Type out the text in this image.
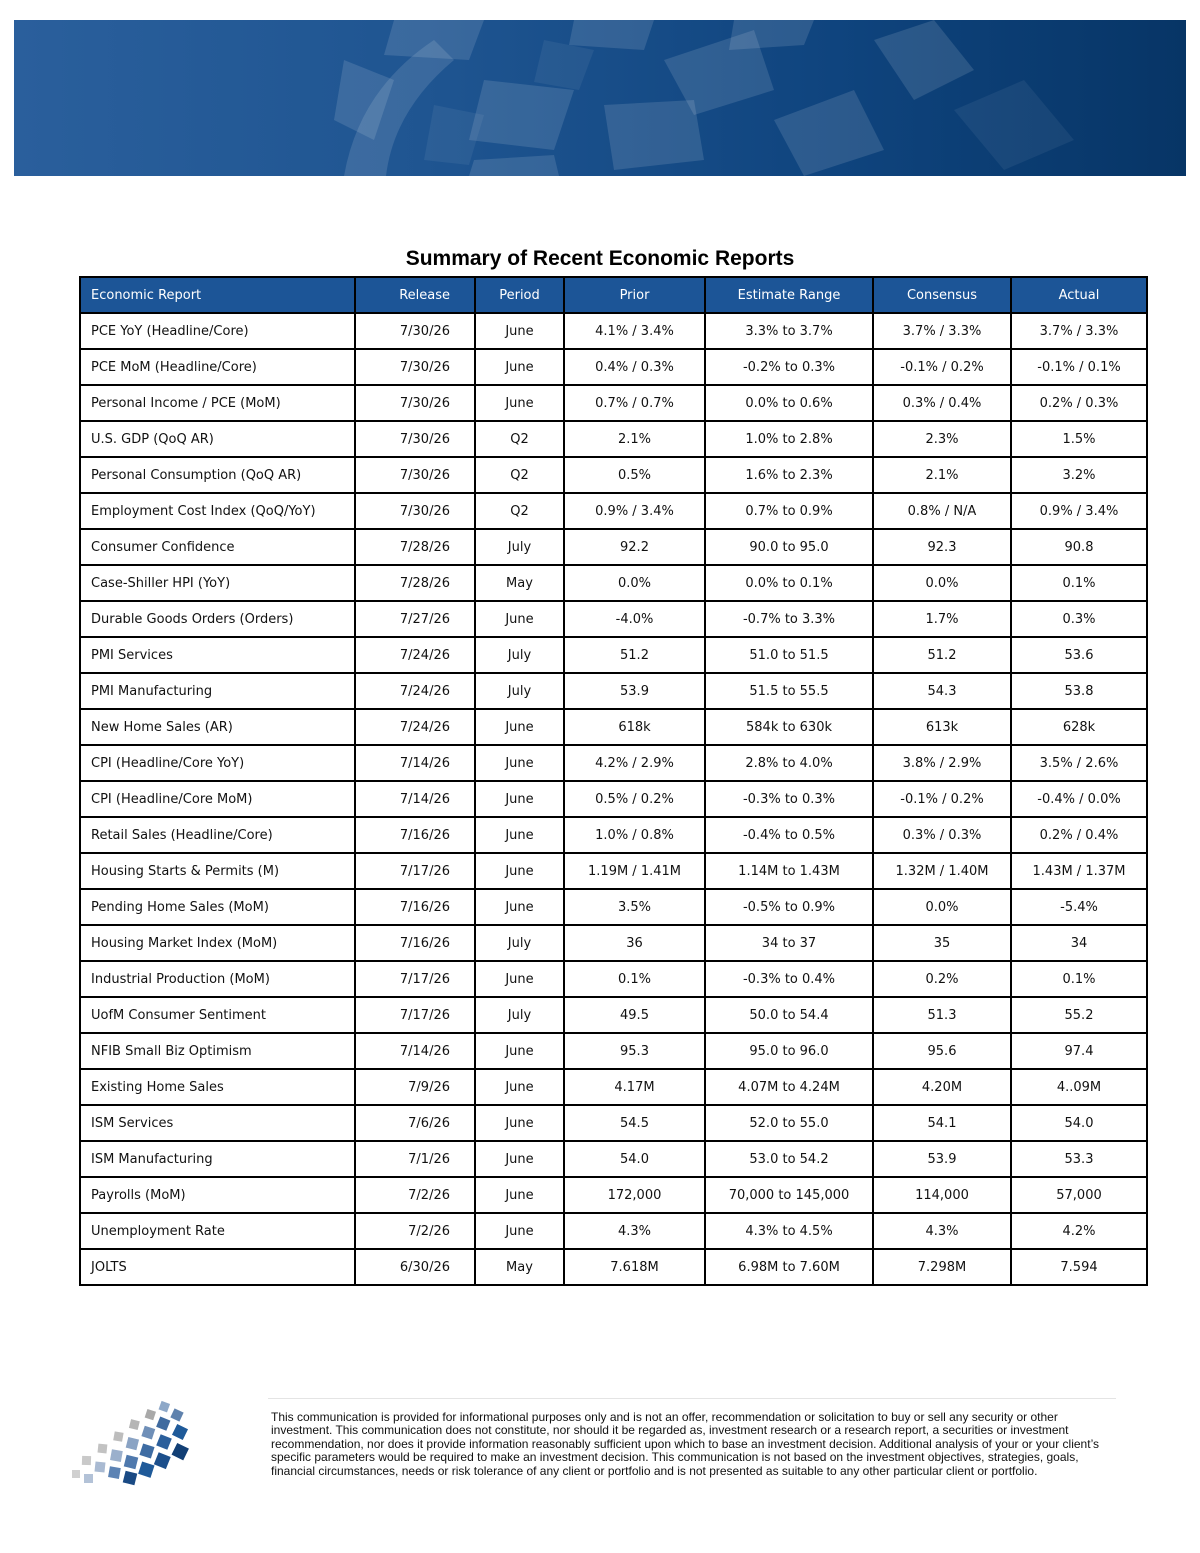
Summary of Recent Economic Reports
Economic Report	Release	Period	Prior	Estimate Range	Consensus	Actual
PCE YoY (Headline/Core)	7/30/26	June	4.1% / 3.4%	3.3% to 3.7%	3.7% / 3.3%	3.7% / 3.3%
PCE MoM (Headline/Core)	7/30/26	June	0.4% / 0.3%	-0.2% to 0.3%	-0.1% / 0.2%	-0.1% / 0.1%
Personal Income / PCE (MoM)	7/30/26	June	0.7% / 0.7%	0.0% to 0.6%	0.3% / 0.4%	0.2% / 0.3%
U.S. GDP (QoQ AR)	7/30/26	Q2	2.1%	1.0% to 2.8%	2.3%	1.5%
Personal Consumption (QoQ AR)	7/30/26	Q2	0.5%	1.6% to 2.3%	2.1%	3.2%
Employment Cost Index (QoQ/YoY)	7/30/26	Q2	0.9% / 3.4%	0.7% to 0.9%	0.8% / N/A	0.9% / 3.4%
Consumer Confidence	7/28/26	July	92.2	90.0 to 95.0	92.3	90.8
Case-Shiller HPI (YoY)	7/28/26	May	0.0%	0.0% to 0.1%	0.0%	0.1%
Durable Goods Orders (Orders)	7/27/26	June	-4.0%	-0.7% to 3.3%	1.7%	0.3%
PMI Services	7/24/26	July	51.2	51.0 to 51.5	51.2	53.6
PMI Manufacturing	7/24/26	July	53.9	51.5 to 55.5	54.3	53.8
New Home Sales (AR)	7/24/26	June	618k	584k to 630k	613k	628k
CPI (Headline/Core YoY)	7/14/26	June	4.2% / 2.9%	2.8% to 4.0%	3.8% / 2.9%	3.5% / 2.6%
CPI (Headline/Core MoM)	7/14/26	June	0.5% / 0.2%	-0.3% to 0.3%	-0.1% / 0.2%	-0.4% / 0.0%
Retail Sales (Headline/Core)	7/16/26	June	1.0% / 0.8%	-0.4% to 0.5%	0.3% / 0.3%	0.2% / 0.4%
Housing Starts & Permits (M)	7/17/26	June	1.19M / 1.41M	1.14M to 1.43M	1.32M / 1.40M	1.43M / 1.37M
Pending Home Sales (MoM)	7/16/26	June	3.5%	-0.5% to 0.9%	0.0%	-5.4%
Housing Market Index (MoM)	7/16/26	July	36	34 to 37	35	34
Industrial Production (MoM)	7/17/26	June	0.1%	-0.3% to 0.4%	0.2%	0.1%
UofM Consumer Sentiment	7/17/26	July	49.5	50.0 to 54.4	51.3	55.2
NFIB Small Biz Optimism	7/14/26	June	95.3	95.0 to 96.0	95.6	97.4
Existing Home Sales	7/9/26	June	4.17M	4.07M to 4.24M	4.20M	4..09M
ISM Services	7/6/26	June	54.5	52.0 to 55.0	54.1	54.0
ISM Manufacturing	7/1/26	June	54.0	53.0 to 54.2	53.9	53.3
Payrolls (MoM)	7/2/26	June	172,000	70,000 to 145,000	114,000	57,000
Unemployment Rate	7/2/26	June	4.3%	4.3% to 4.5%	4.3%	4.2%
JOLTS	6/30/26	May	7.618M	6.98M to 7.60M	7.298M	7.594
This communication is provided for informational purposes only and is not an offer, recommendation or solicitation to buy or sell any security or other investment. This communication does not constitute, nor should it be regarded as, investment research or a research report, a securities or investment recommendation, nor does it provide information reasonably sufficient upon which to base an investment decision. Additional analysis of your or your client’s specific parameters would be required to make an investment decision. This communication is not based on the investment objectives, strategies, goals, financial circumstances, needs or risk tolerance of any client or portfolio and is not presented as suitable to any other particular client or portfolio.
